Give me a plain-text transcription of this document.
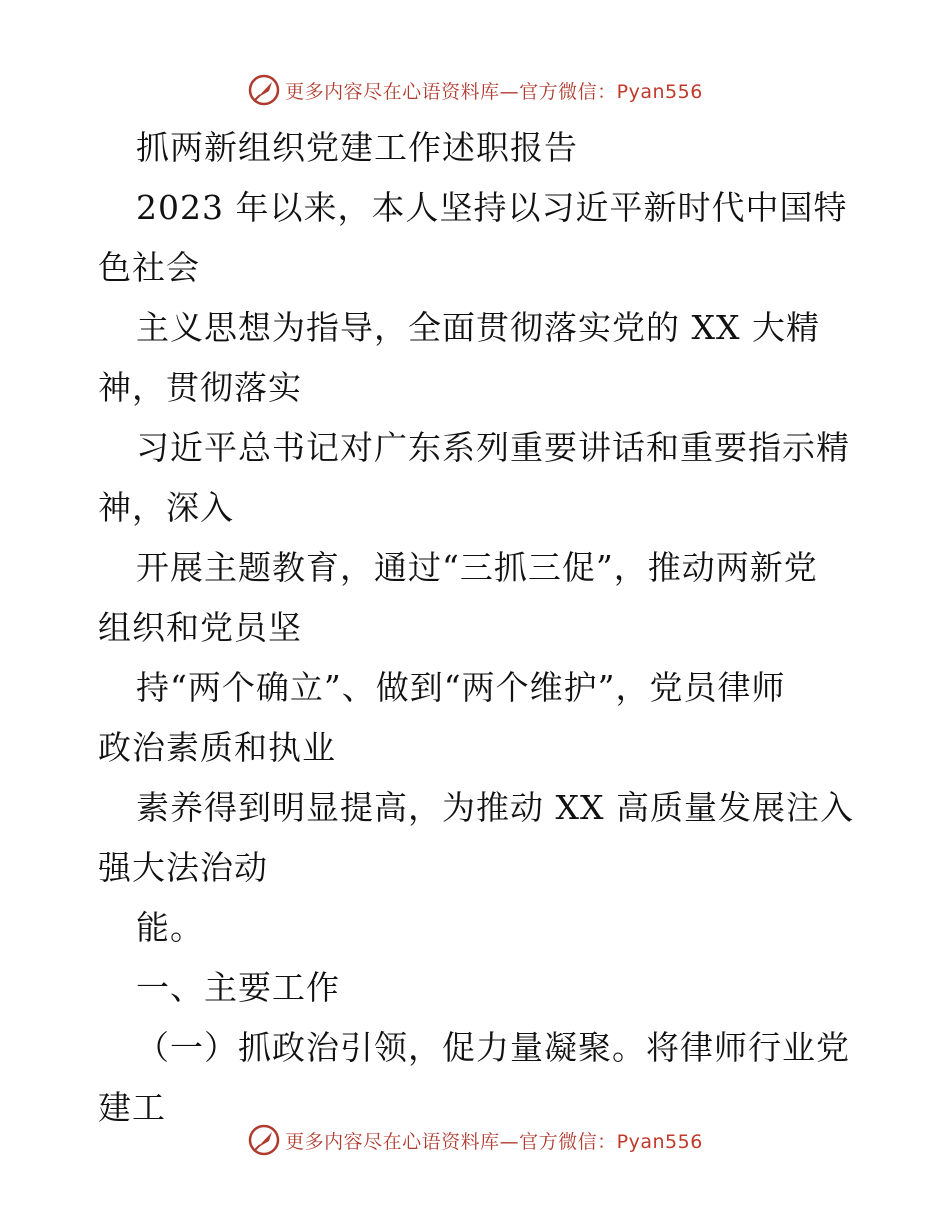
更多内容尽在心语资料库—官方微信：Pyan556
抓两新组织党建工作述职报告
2023 年以来，本人坚持以习近平新时代中国特
色社会
主义思想为指导，全面贯彻落实党的 XX 大精
神，贯彻落实
习近平总书记对广东系列重要讲话和重要指示精
神，深入
开展主题教育，通过“三抓三促”，推动两新党
组织和党员坚
持“两个确立”、做到“两个维护”，党员律师
政治素质和执业
素养得到明显提高，为推动 XX 高质量发展注入
强大法治动
能。
一、主要工作
（一）抓政治引领，促力量凝聚。将律师行业党
建工
更多内容尽在心语资料库—官方微信：Pyan556
